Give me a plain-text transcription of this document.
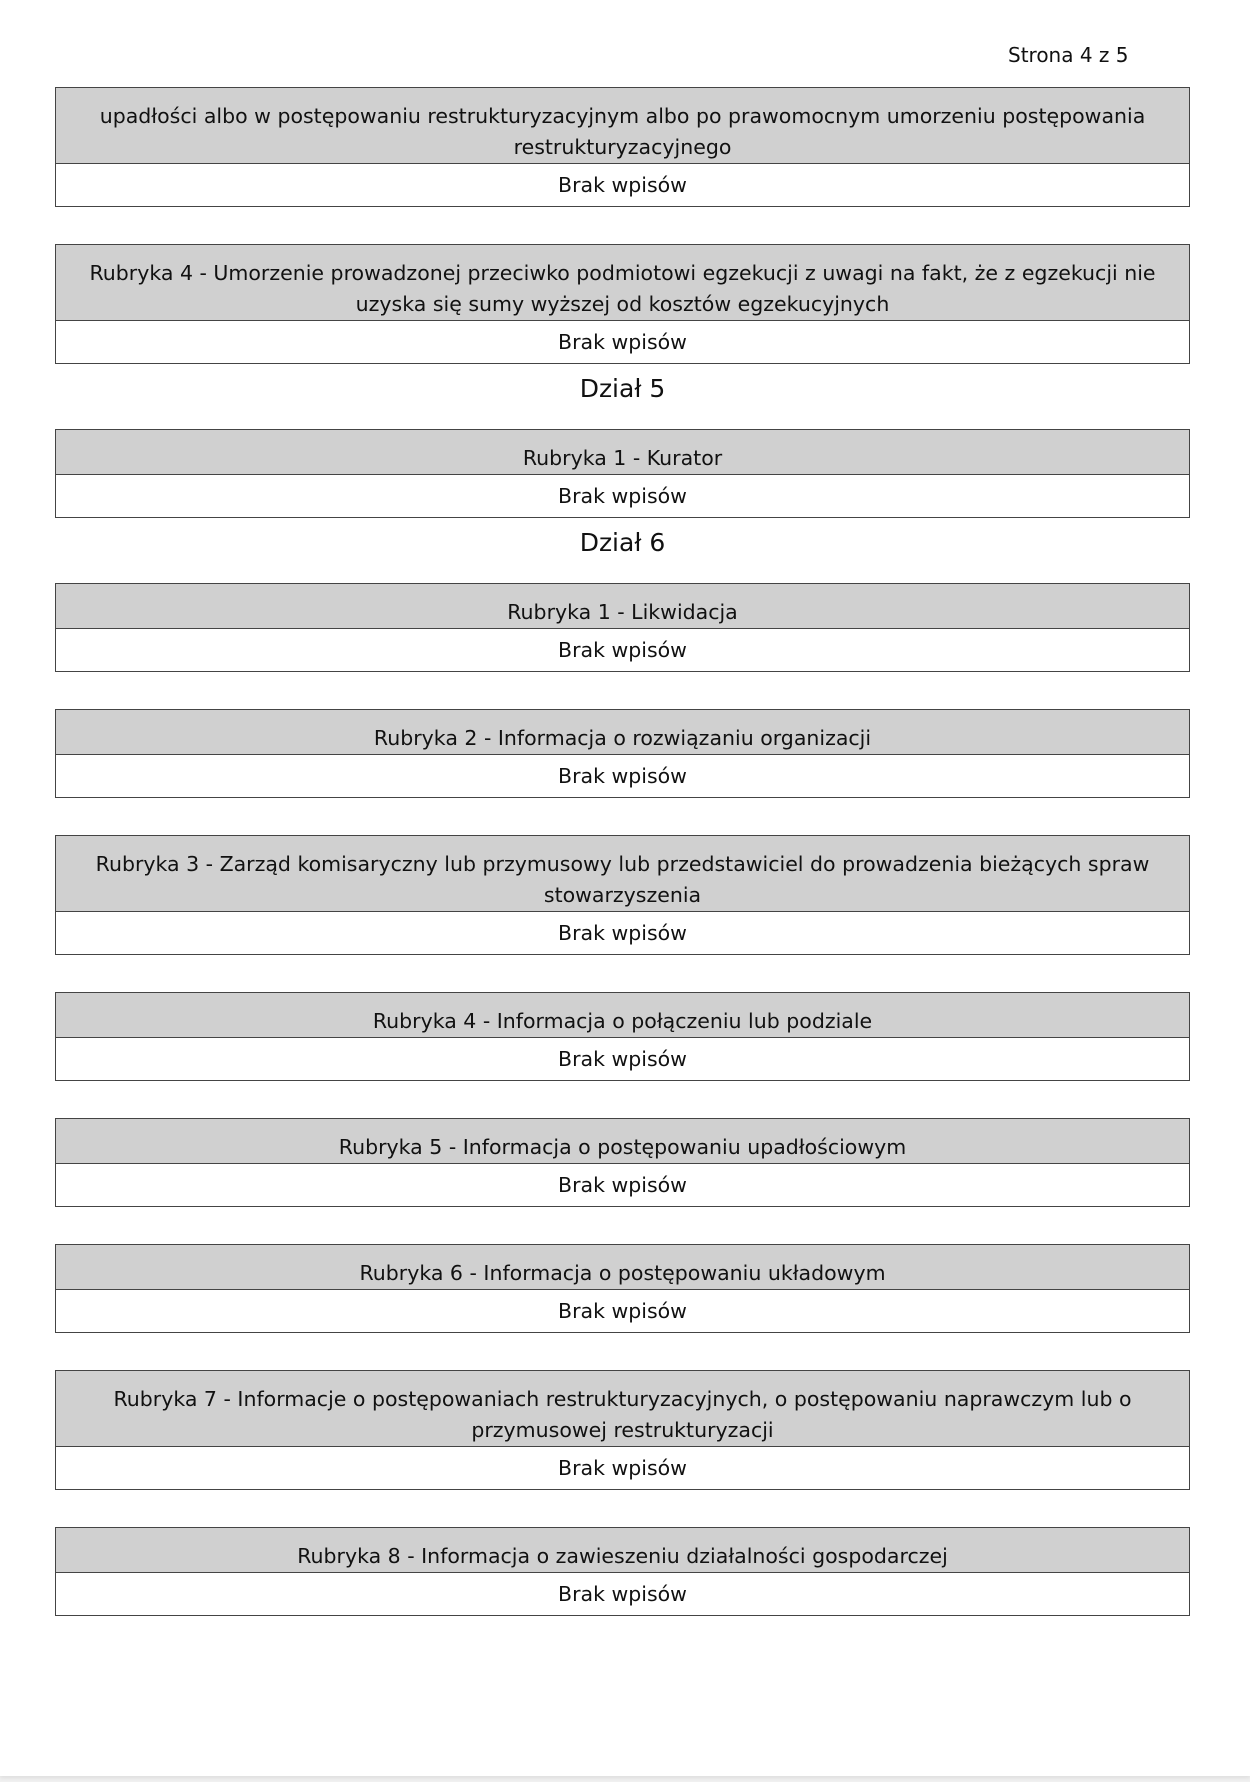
Strona 4 z 5
upadłości albo w postępowaniu restrukturyzacyjnym albo po prawomocnym umorzeniu postępowania restrukturyzacyjnego
Brak wpisów
Rubryka 4 - Umorzenie prowadzonej przeciwko podmiotowi egzekucji z uwagi na fakt, że z egzekucji nie uzyska się sumy wyższej od kosztów egzekucyjnych
Brak wpisów
Dział 5
Rubryka 1 - Kurator
Brak wpisów
Dział 6
Rubryka 1 - Likwidacja
Brak wpisów
Rubryka 2 - Informacja o rozwiązaniu organizacji
Brak wpisów
Rubryka 3 - Zarząd komisaryczny lub przymusowy lub przedstawiciel do prowadzenia bieżących spraw stowarzyszenia
Brak wpisów
Rubryka 4 - Informacja o połączeniu lub podziale
Brak wpisów
Rubryka 5 - Informacja o postępowaniu upadłościowym
Brak wpisów
Rubryka 6 - Informacja o postępowaniu układowym
Brak wpisów
Rubryka 7 - Informacje o postępowaniach restrukturyzacyjnych, o postępowaniu naprawczym lub o przymusowej restrukturyzacji
Brak wpisów
Rubryka 8 - Informacja o zawieszeniu działalności gospodarczej
Brak wpisów
